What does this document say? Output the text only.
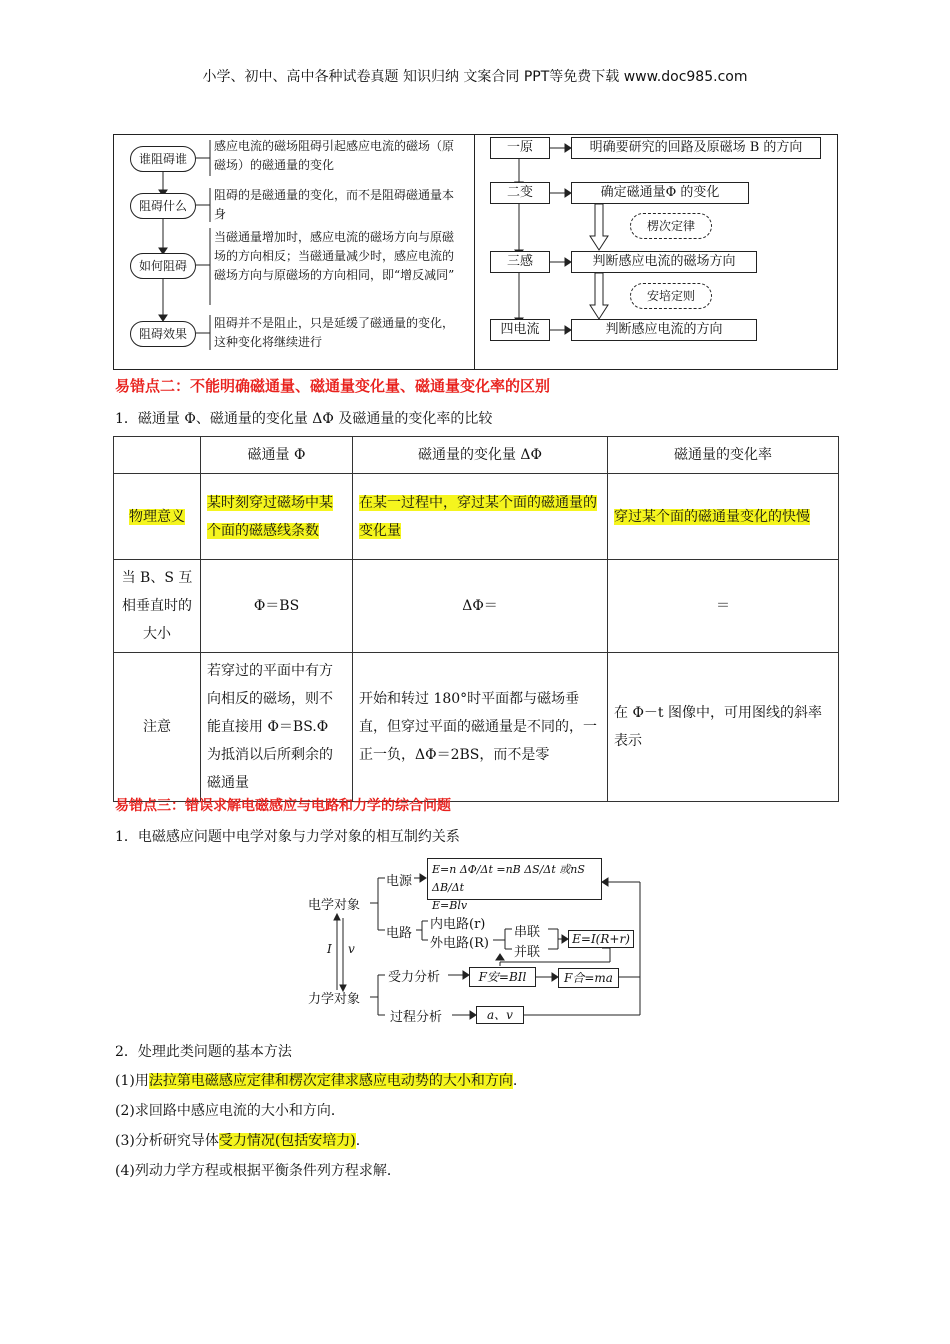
小学、初中、高中各种试卷真题 知识归纳 文案合同 PPT等免费下载 www.doc985.com
谁阻碍谁
感应电流的磁场阻碍引起感应电流的磁场（原磁场）的磁通量的变化
阻碍什么
阻碍的是磁通量的变化，而不是阻碍磁通量本身
如何阻碍
当磁通量增加时，感应电流的磁场方向与原磁场的方向相反；当磁通量减少时，感应电流的磁场方向与原磁场的方向相同，即“增反减同”
阻碍效果
阻碍并不是阻止，只是延缓了磁通量的变化，这种变化将继续进行
一原	明确要研究的回路及原磁场 B 的方向
二变	确定磁通量Φ 的变化
楞次定律
三感	判断感应电流的磁场方向
安培定则
四电流	判断感应电流的方向
易错点二：不能明确磁通量、磁通量变化量、磁通量变化率的区别
1．磁通量 Φ、磁通量的变化量 ΔΦ 及磁通量的变化率的比较
	磁通量 Φ	磁通量的变化量 ΔΦ	磁通量的变化率
物理意义	某时刻穿过磁场中某个面的磁感线条数	在某一过程中，穿过某个面的磁通量的变化量	穿过某个面的磁通量变化的快慢
当 B、S 互相垂直时的大小	Φ＝BS	ΔΦ＝	＝
注意	若穿过的平面中有方向相反的磁场，则不能直接用 Φ＝BS.Φ 为抵消以后所剩余的磁通量	开始和转过 180°时平面都与磁场垂直，但穿过平面的磁通量是不同的，一正一负，ΔΦ＝2BS，而不是零	在 Φ－t 图像中，可用图线的斜率表示
易错点三：错误求解电磁感应与电路和力学的综合问题
1．电磁感应问题中电学对象与力学对象的相互制约关系
电学对象
力学对象
I v
电源
E=n ΔΦ/Δt =nB ΔS/Δt 或nS ΔB/Δt
E=Blv
电路
内电路(r)
外电路(R)
串联
并联
E=I(R+r)
受力分析	F安=BIl	F合=ma
过程分析	a、v
2．处理此类问题的基本方法
(1)用法拉第电磁感应定律和楞次定律求感应电动势的大小和方向.
(2)求回路中感应电流的大小和方向．
(3)分析研究导体受力情况(包括安培力).
(4)列动力学方程或根据平衡条件列方程求解．
